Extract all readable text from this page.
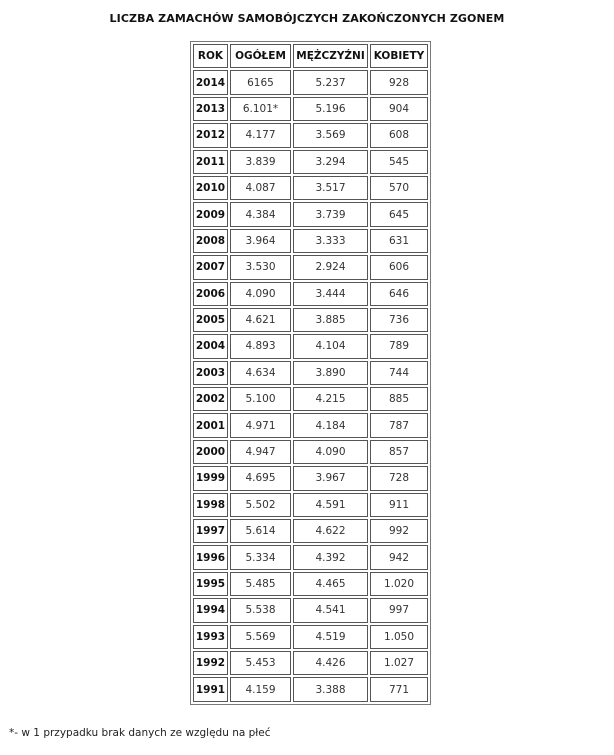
LICZBA ZAMACHÓW SAMOBÓJCZYCH ZAKOŃCZONYCH ZGONEM
ROK	OGÓŁEM	MĘŻCZYŹNI	KOBIETY
2014	6165	5.237	928
2013	6.101*	5.196	904
2012	4.177	3.569	608
2011	3.839	3.294	545
2010	4.087	3.517	570
2009	4.384	3.739	645
2008	3.964	3.333	631
2007	3.530	2.924	606
2006	4.090	3.444	646
2005	4.621	3.885	736
2004	4.893	4.104	789
2003	4.634	3.890	744
2002	5.100	4.215	885
2001	4.971	4.184	787
2000	4.947	4.090	857
1999	4.695	3.967	728
1998	5.502	4.591	911
1997	5.614	4.622	992
1996	5.334	4.392	942
1995	5.485	4.465	1.020
1994	5.538	4.541	997
1993	5.569	4.519	1.050
1992	5.453	4.426	1.027
1991	4.159	3.388	771
*- w 1 przypadku brak danych ze względu na płeć
